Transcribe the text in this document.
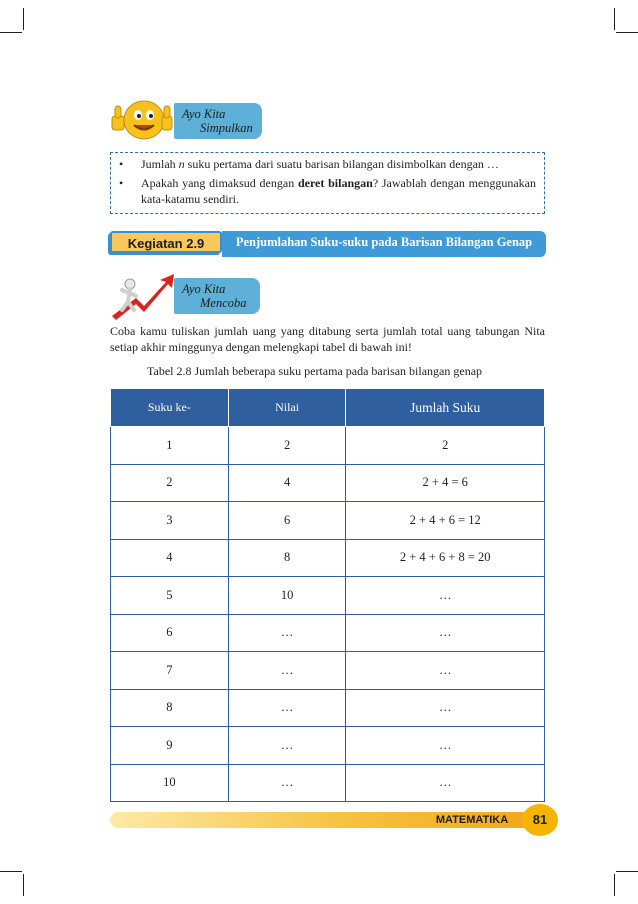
Ayo Kita
Simpulkan
• Jumlah n suku pertama dari suatu barisan bilangan disimbolkan dengan …
• Apakah yang dimaksud dengan deret bilangan? Jawablah dengan menggunakan kata-katamu sendiri.
Penjumlahan Suku-suku pada Barisan Bilangan Genap
Kegiatan 2.9
Ayo Kita
Mencoba
Coba kamu tuliskan jumlah uang yang ditabung serta jumlah total uang tabungan Nita setiap akhir minggunya dengan melengkapi tabel di bawah ini!
Tabel 2.8 Jumlah beberapa suku pertama pada barisan bilangan genap
Suku ke-	Nilai	Jumlah Suku
1	2	2
2	4	2 + 4 = 6
3	6	2 + 4 + 6 = 12
4	8	2 + 4 + 6 + 8 = 20
5	10	…
6	…	…
7	…	…
8	…	…
9	…	…
10	…	…
MATEMATIKA	81
